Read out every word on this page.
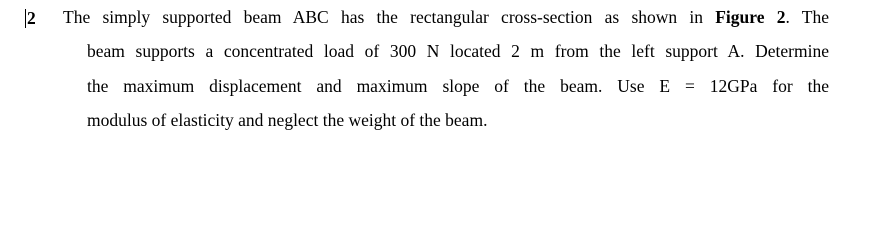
2 The simply supported beam ABC has the rectangular cross-section as shown in Figure 2. The
beam supports a concentrated load of 300 N located 2 m from the left support A. Determine
the maximum displacement and maximum slope of the beam. Use E = 12GPa for the
modulus of elasticity and neglect the weight of the beam.
